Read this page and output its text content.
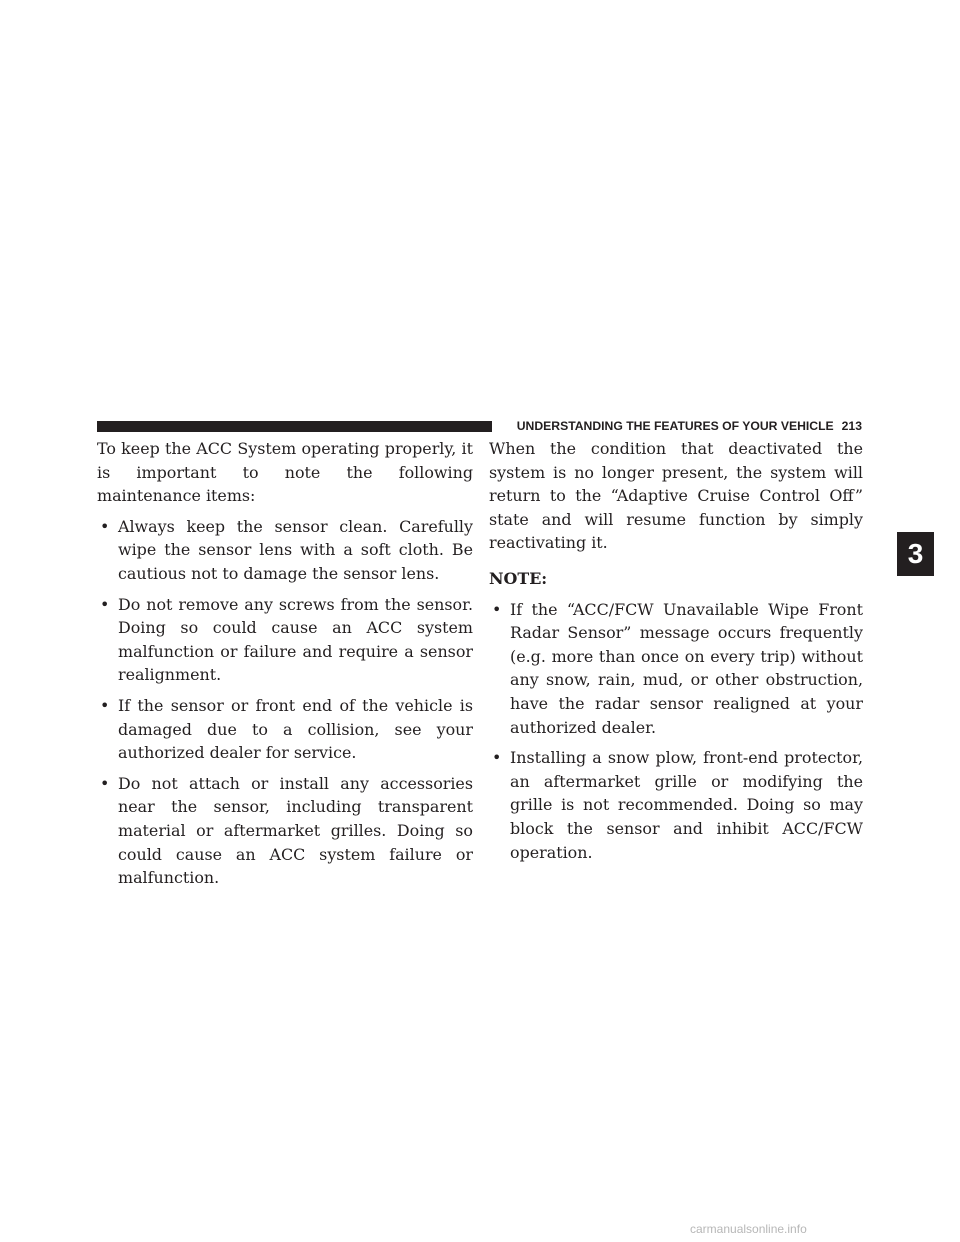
UNDERSTANDING THE FEATURES OF YOUR VEHICLE 213

To keep the ACC System operating properly, it is important to note the following maintenance items:

• Always keep the sensor clean. Carefully wipe the sensor lens with a soft cloth. Be cautious not to damage the sensor lens.
• Do not remove any screws from the sensor. Doing so could cause an ACC system malfunction or failure and require a sensor realignment.
• If the sensor or front end of the vehicle is damaged due to a collision, see your authorized dealer for service.
• Do not attach or install any accessories near the sensor, including transparent material or aftermarket grilles. Doing so could cause an ACC system failure or malfunction.

When the condition that deactivated the system is no longer present, the system will return to the “Adaptive Cruise Control Off” state and will resume function by simply reactivating it.

NOTE:

• If the “ACC/FCW Unavailable Wipe Front Radar Sensor” message occurs frequently (e.g. more than once on every trip) without any snow, rain, mud, or other obstruction, have the radar sensor realigned at your authorized dealer.
• Installing a snow plow, front-end protector, an aftermarket grille or modifying the grille is not recommended. Doing so may block the sensor and inhibit ACC/FCW operation.
3
carmanualsonline.info
